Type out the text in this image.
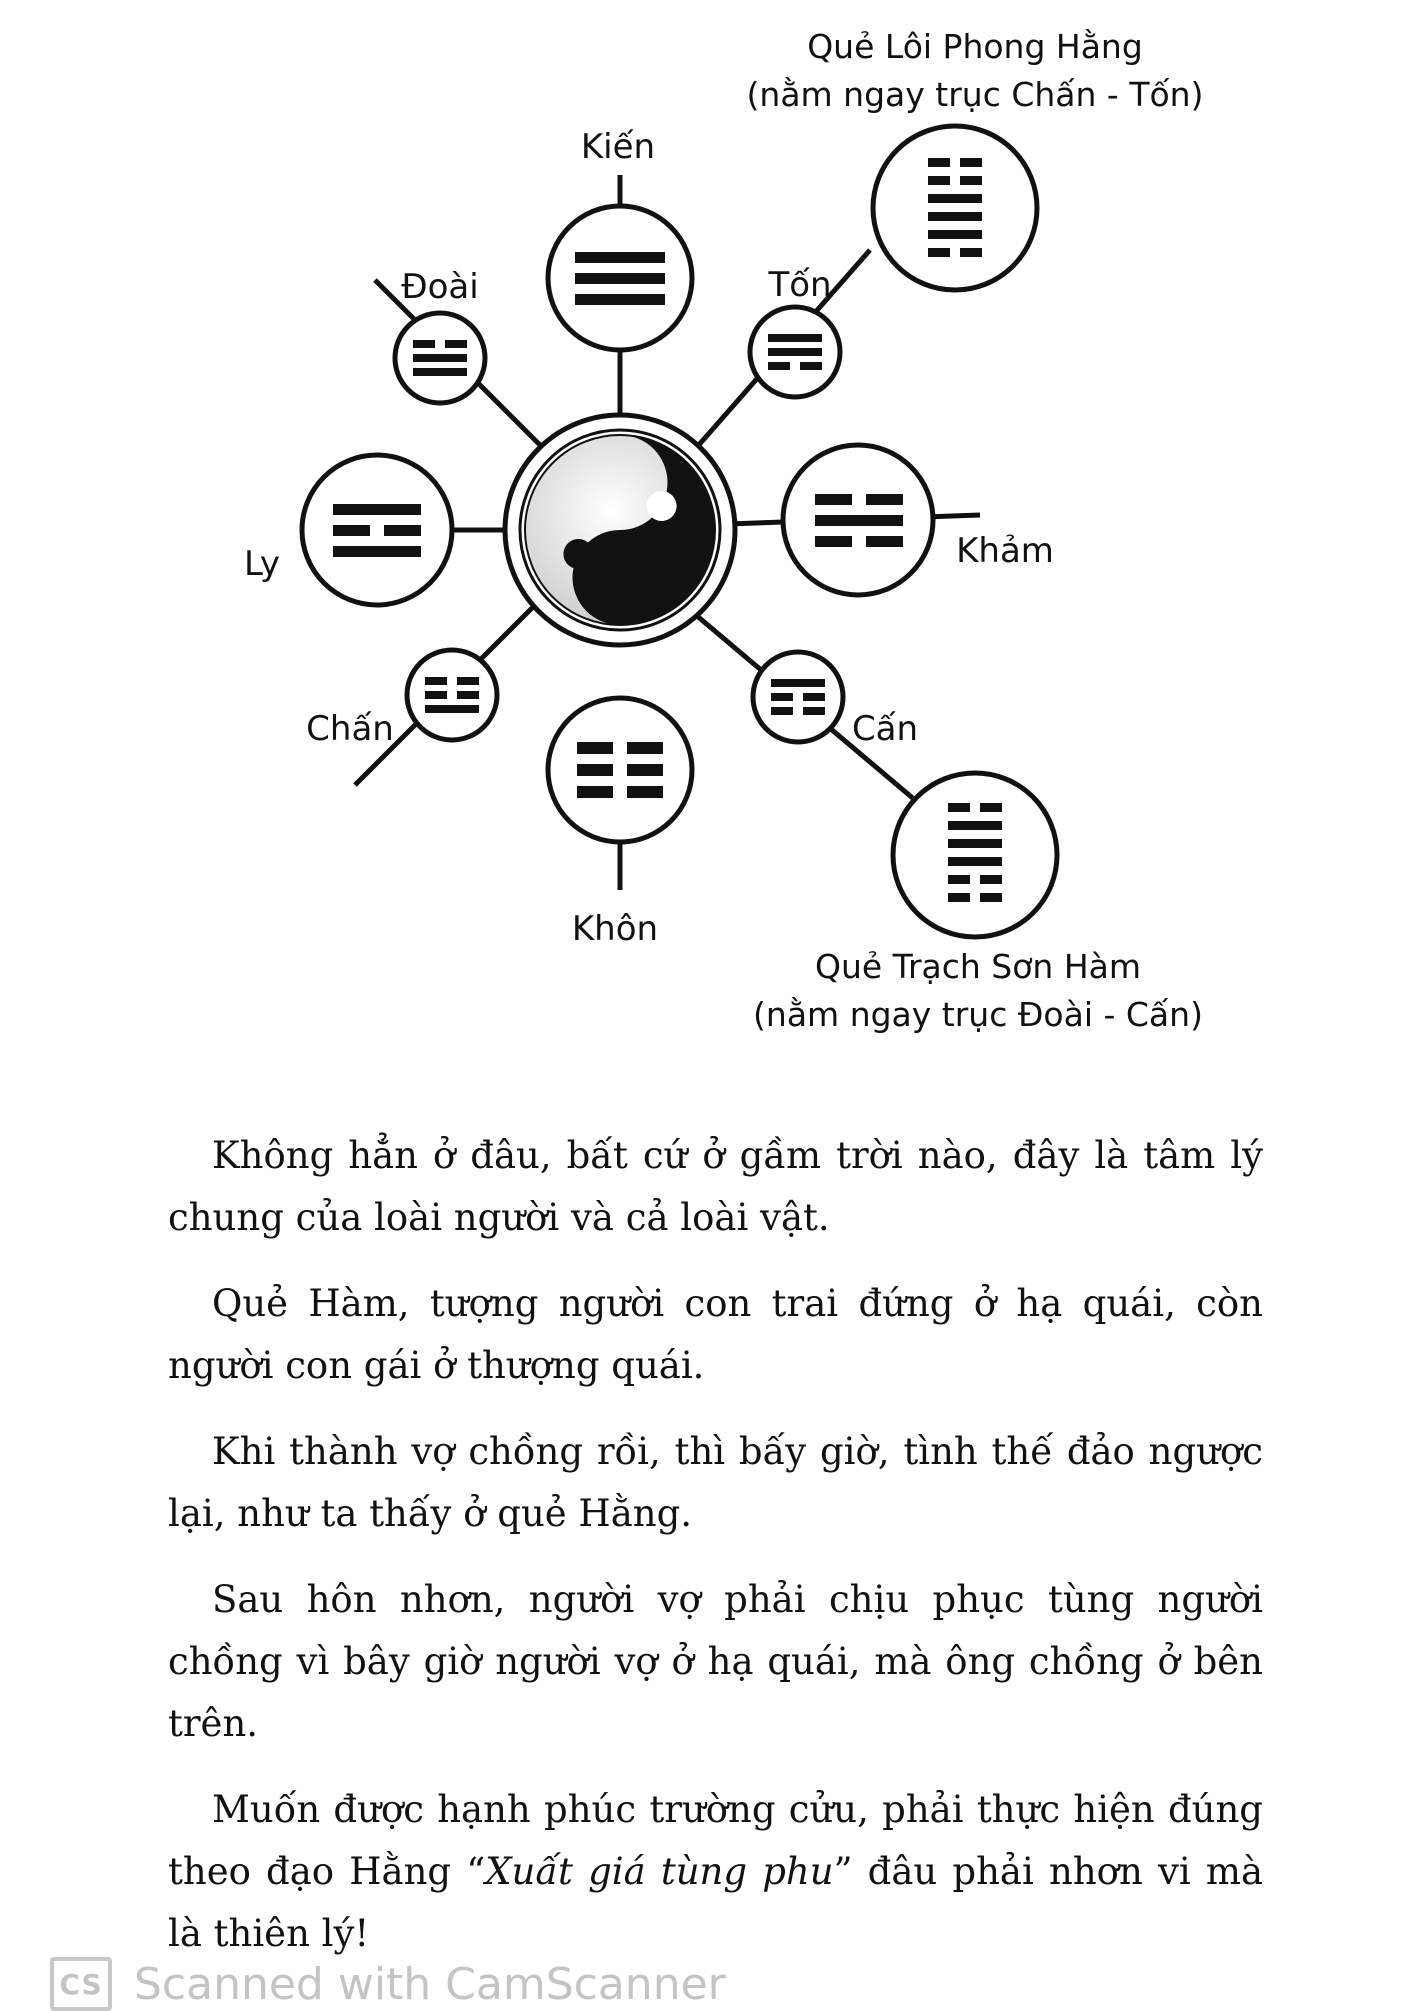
Kiến
Đoài	Tốn
Ly	Khảm
Chấn	Cấn
Khôn
Quẻ Lôi Phong Hằng
(nằm ngay trục Chấn - Tốn)
Quẻ Trạch Sơn Hàm
(nằm ngay trục Đoài - Cấn)

Không hẳn ở đâu, bất cứ ở gầm trời nào, đây là tâm lý chung của loài người và cả loài vật.

Quẻ Hàm, tượng người con trai đứng ở hạ quái, còn người con gái ở thượng quái.

Khi thành vợ chồng rồi, thì bấy giờ, tình thế đảo ngược lại, như ta thấy ở quẻ Hằng.

Sau hôn nhơn, người vợ phải chịu phục tùng người chồng vì bây giờ người vợ ở hạ quái, mà ông chồng ở bên trên.

Muốn được hạnh phúc trường cửu, phải thực hiện đúng theo đạo Hằng “Xuất giá tùng phu” đâu phải nhơn vi mà là thiên lý!

CS Scanned with CamScanner
